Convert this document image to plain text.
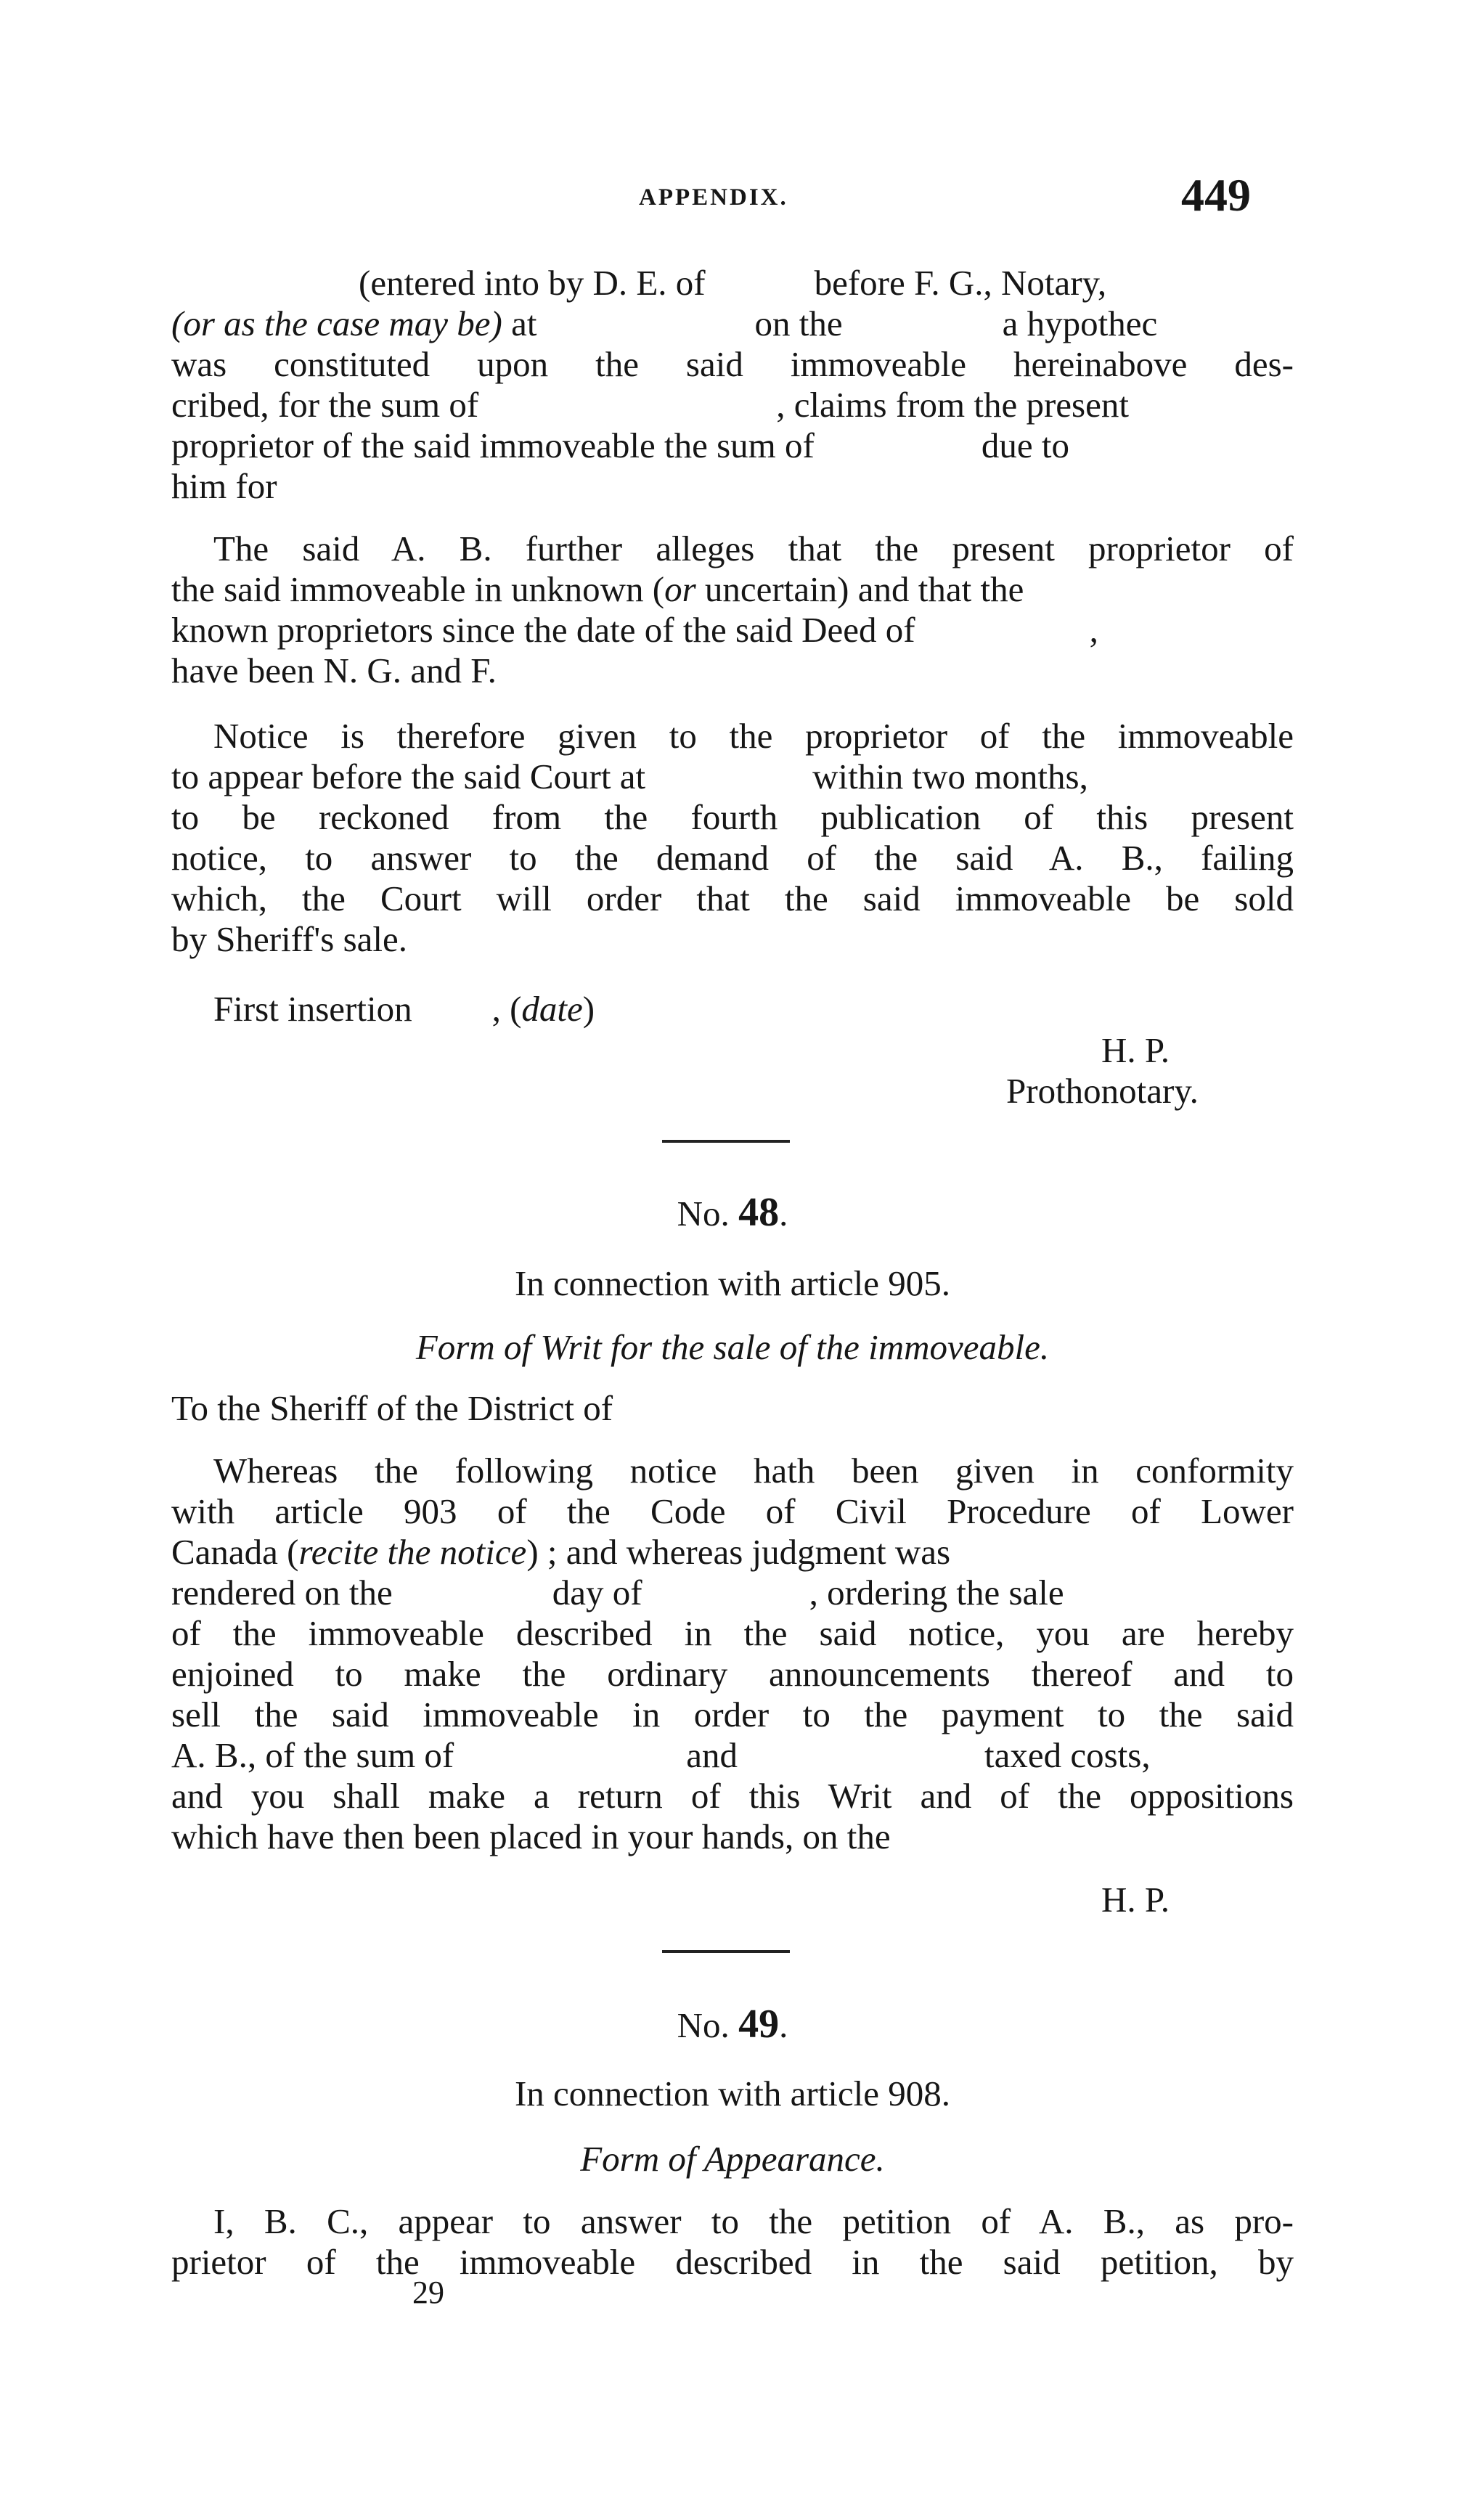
APPENDIX.	449
(entered into by D. E. of	before F. G., Notary,
(or as the case may be) at	on the	a hypothec
was constituted upon the said immoveable hereinabove des-
cribed, for the sum of	, claims from the present
proprietor of the said immoveable the sum of	due to
him for
The said A. B. further alleges that the present proprietor of
the said immoveable in unknown (or uncertain) and that the
known proprietors since the date of the said Deed of	,
have been N. G. and F.
Notice is therefore given to the proprietor of the immoveable
to appear before the said Court at	within two months,
to be reckoned from the fourth publication of this present
notice, to answer to the demand of the said A. B., failing
which, the Court will order that the said immoveable be sold
by Sheriff's sale.
First insertion , (date)
H. P.
Prothonotary.
No. 48.
In connection with article 905.
Form of Writ for the sale of the immoveable.
To the Sheriff of the District of
Whereas the following notice hath been given in conformity
with article 903 of the Code of Civil Procedure of Lower
Canada (recite the notice) ; and whereas judgment was
rendered on the	day of	, ordering the sale
of the immoveable described in the said notice, you are hereby
enjoined to make the ordinary announcements thereof and to
sell the said immoveable in order to the payment to the said
A. B., of the sum of	and	taxed costs,
and you shall make a return of this Writ and of the oppositions
which have then been placed in your hands, on the
H. P.
No. 49.
In connection with article 908.
Form of Appearance.
I, B. C., appear to answer to the petition of A. B., as pro-
prietor of the immoveable described in the said petition, by
29
